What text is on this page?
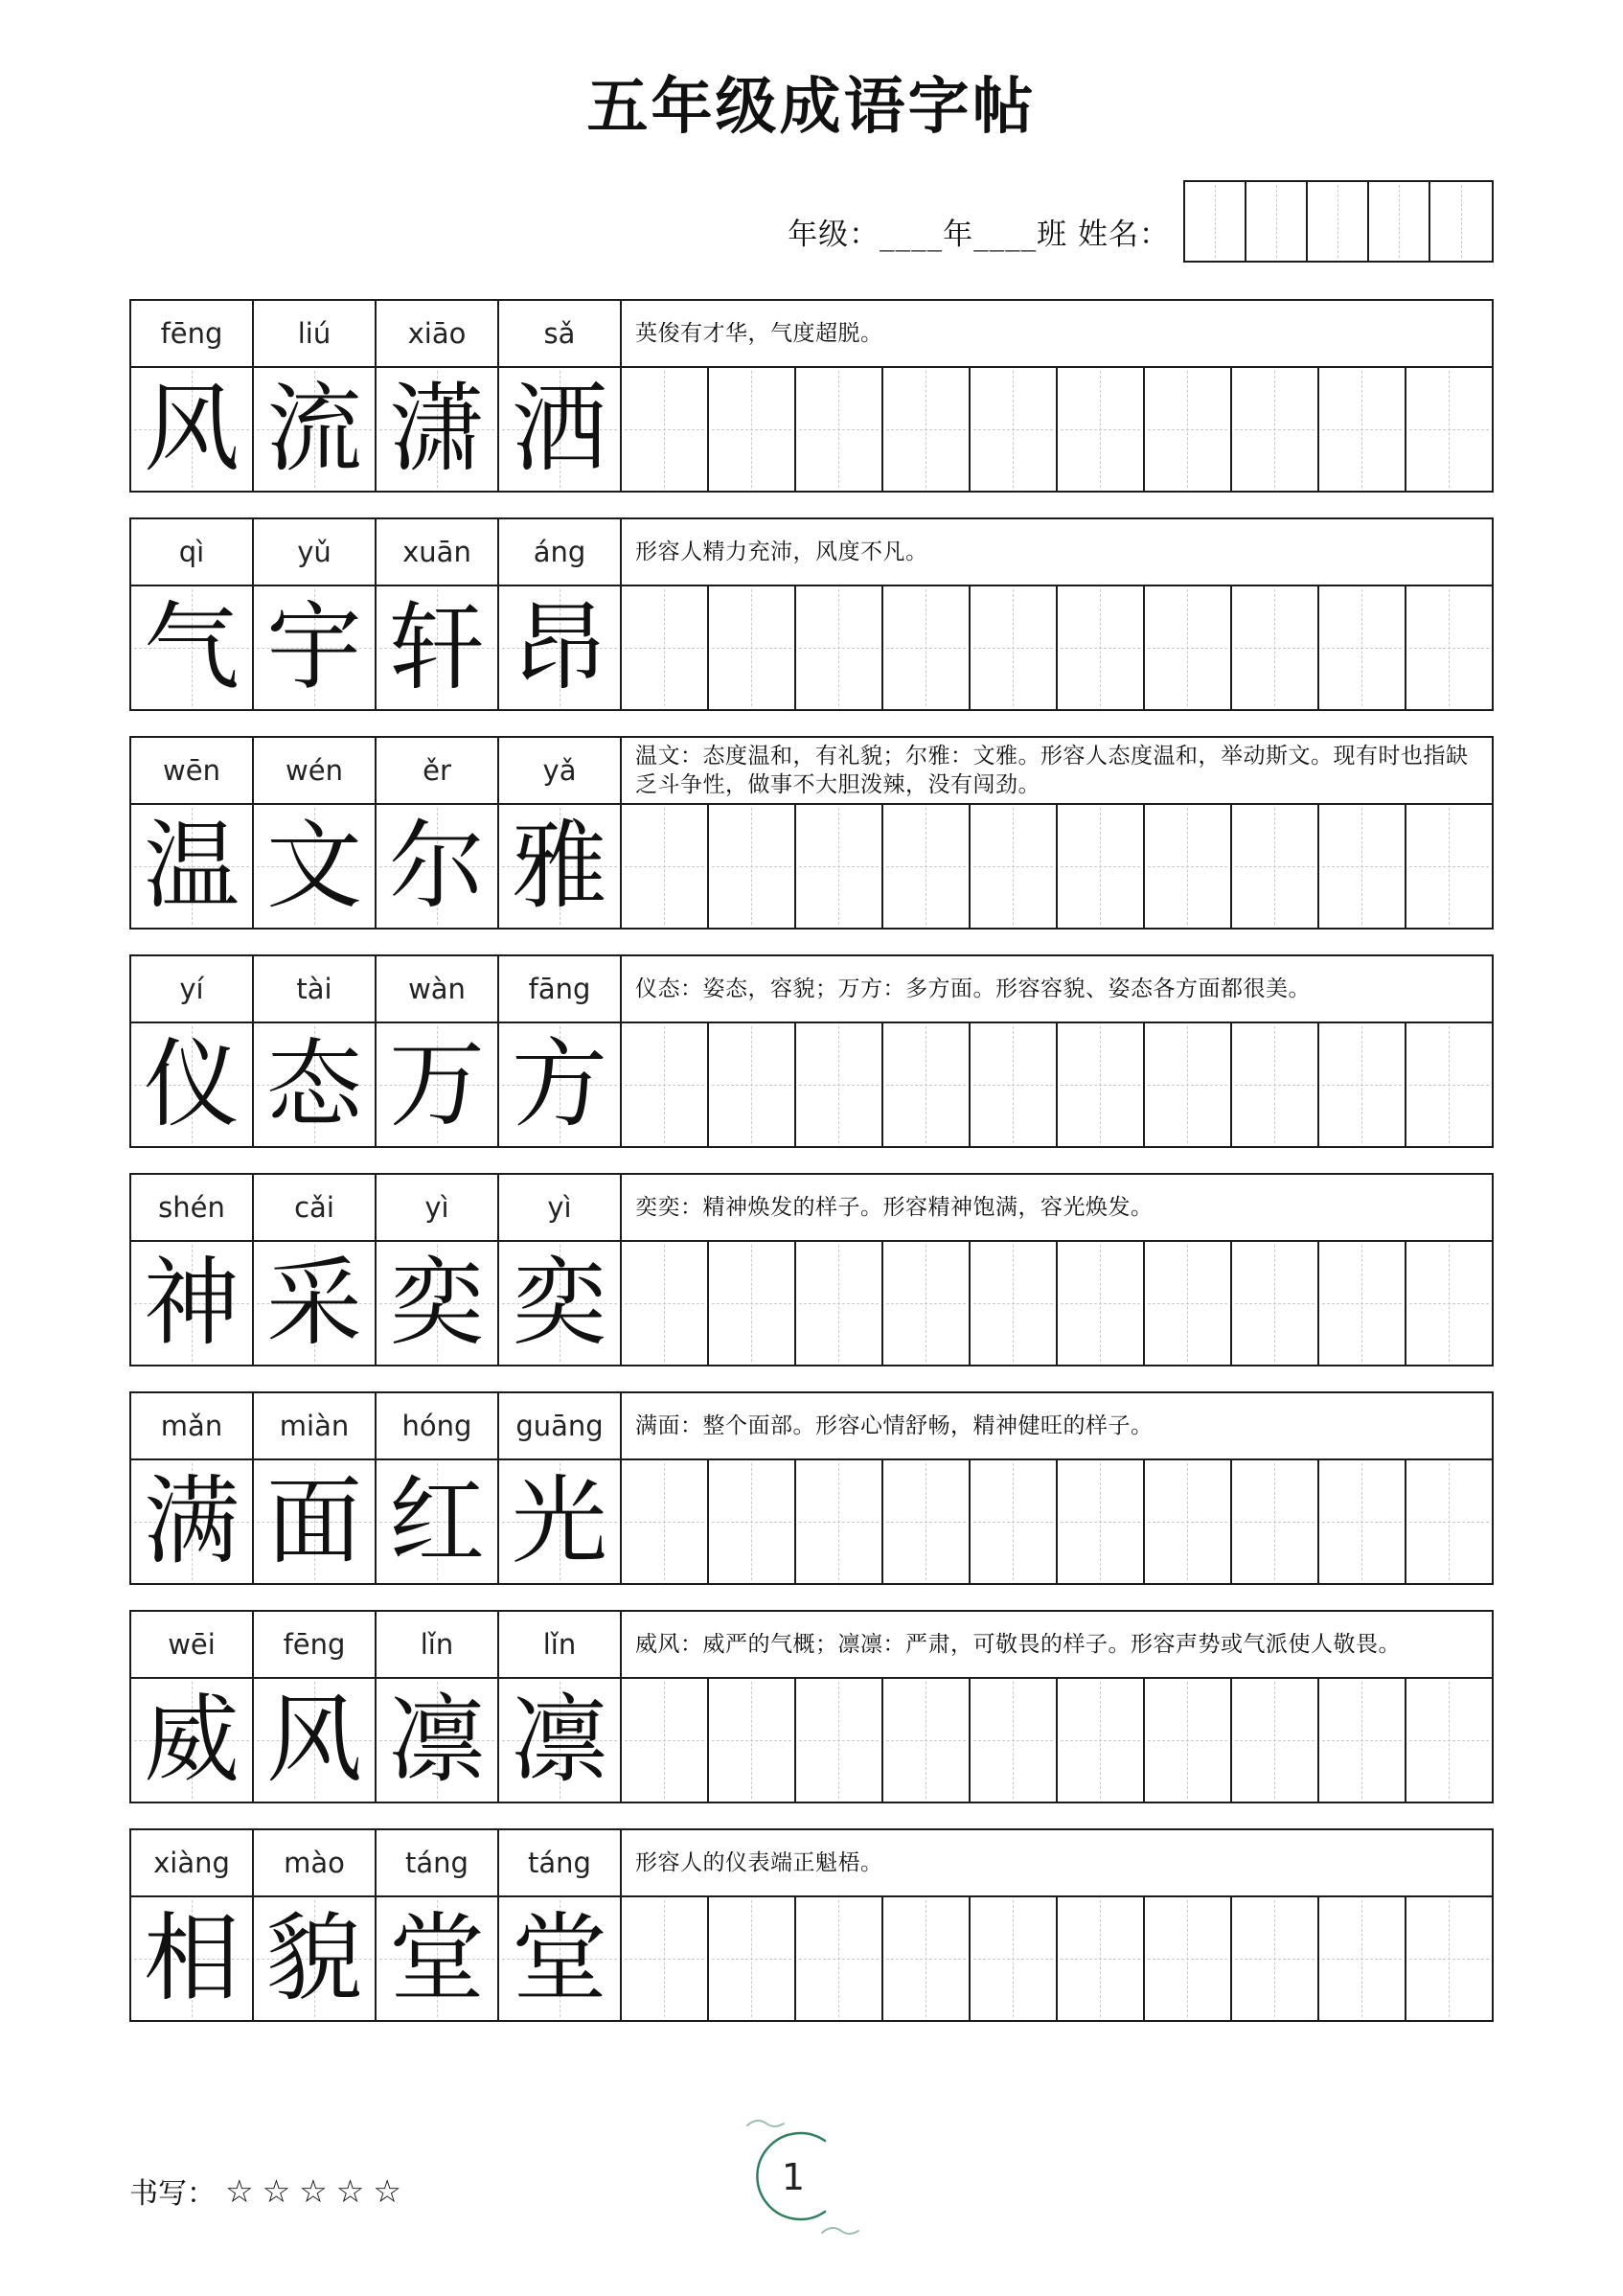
五年级成语字帖
年级：____年____班 姓名：
fēng	liú	xiāo	sǎ	英俊有才华，气度超脱。
风 流 潇 洒
qì	yǔ	xuān	áng	形容人精力充沛，风度不凡。
气 宇 轩 昂
wēn	wén	ěr	yǎ	温文：态度温和，有礼貌；尔雅：文雅。形容人态度温和，举动斯文。现有时也指缺乏斗争性，做事不大胆泼辣，没有闯劲。
温 文 尔 雅
yí	tài	wàn	fāng	仪态：姿态，容貌；万方：多方面。形容容貌、姿态各方面都很美。
仪 态 万 方
shén	cǎi	yì	yì	奕奕：精神焕发的样子。形容精神饱满，容光焕发。
神 采 奕 奕
mǎn	miàn	hóng	guāng	满面：整个面部。形容心情舒畅，精神健旺的样子。
满 面 红 光
wēi	fēng	lǐn	lǐn	威风：威严的气概；凛凛：严肃，可敬畏的样子。形容声势或气派使人敬畏。
威 风 凛 凛
xiàng	mào	táng	táng	形容人的仪表端正魁梧。
相 貌 堂 堂
书写： ☆☆☆☆☆	1
